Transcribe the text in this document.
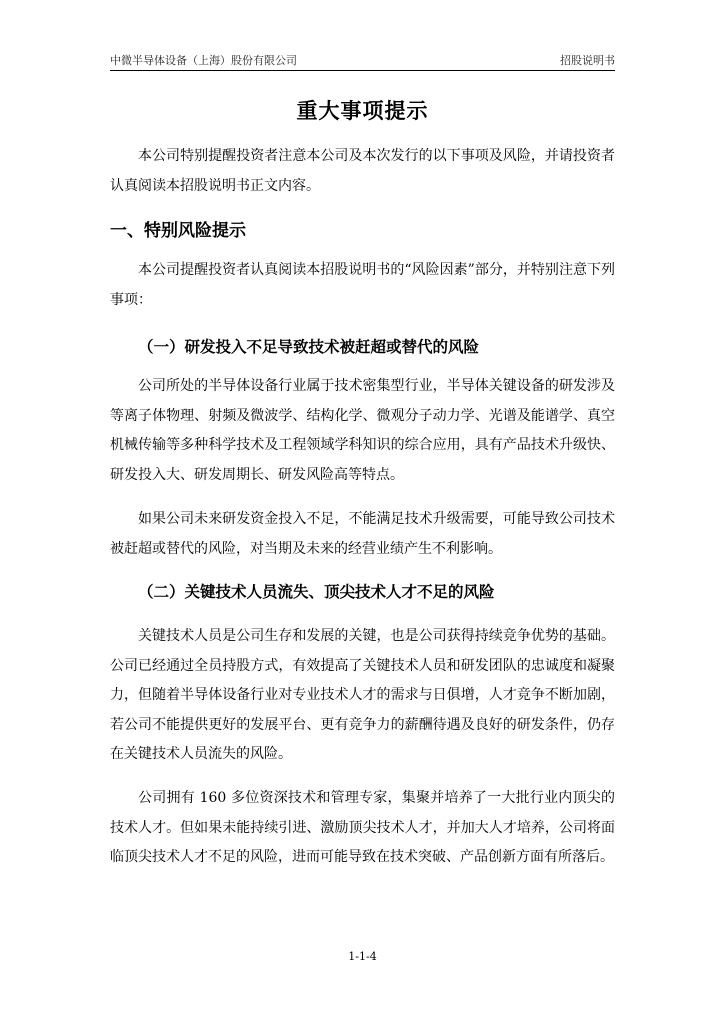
中微半导体设备（上海）股份有限公司	招股说明书
重大事项提示

本公司特别提醒投资者注意本公司及本次发行的以下事项及风险，并请投资者认真阅读本招股说明书正文内容。

一、特别风险提示

本公司提醒投资者认真阅读本招股说明书的“风险因素”部分，并特别注意下列事项：

（一）研发投入不足导致技术被赶超或替代的风险

公司所处的半导体设备行业属于技术密集型行业，半导体关键设备的研发涉及等离子体物理、射频及微波学、结构化学、微观分子动力学、光谱及能谱学、真空机械传输等多种科学技术及工程领域学科知识的综合应用，具有产品技术升级快、研发投入大、研发周期长、研发风险高等特点。

如果公司未来研发资金投入不足，不能满足技术升级需要，可能导致公司技术被赶超或替代的风险，对当期及未来的经营业绩产生不利影响。

（二）关键技术人员流失、顶尖技术人才不足的风险

关键技术人员是公司生存和发展的关键，也是公司获得持续竞争优势的基础。公司已经通过全员持股方式，有效提高了关键技术人员和研发团队的忠诚度和凝聚力，但随着半导体设备行业对专业技术人才的需求与日俱增，人才竞争不断加剧，若公司不能提供更好的发展平台、更有竞争力的薪酬待遇及良好的研发条件，仍存在关键技术人员流失的风险。

公司拥有 160 多位资深技术和管理专家，集聚并培养了一大批行业内顶尖的技术人才。但如果未能持续引进、激励顶尖技术人才，并加大人才培养，公司将面临顶尖技术人才不足的风险，进而可能导致在技术突破、产品创新方面有所落后。

1-1-4
